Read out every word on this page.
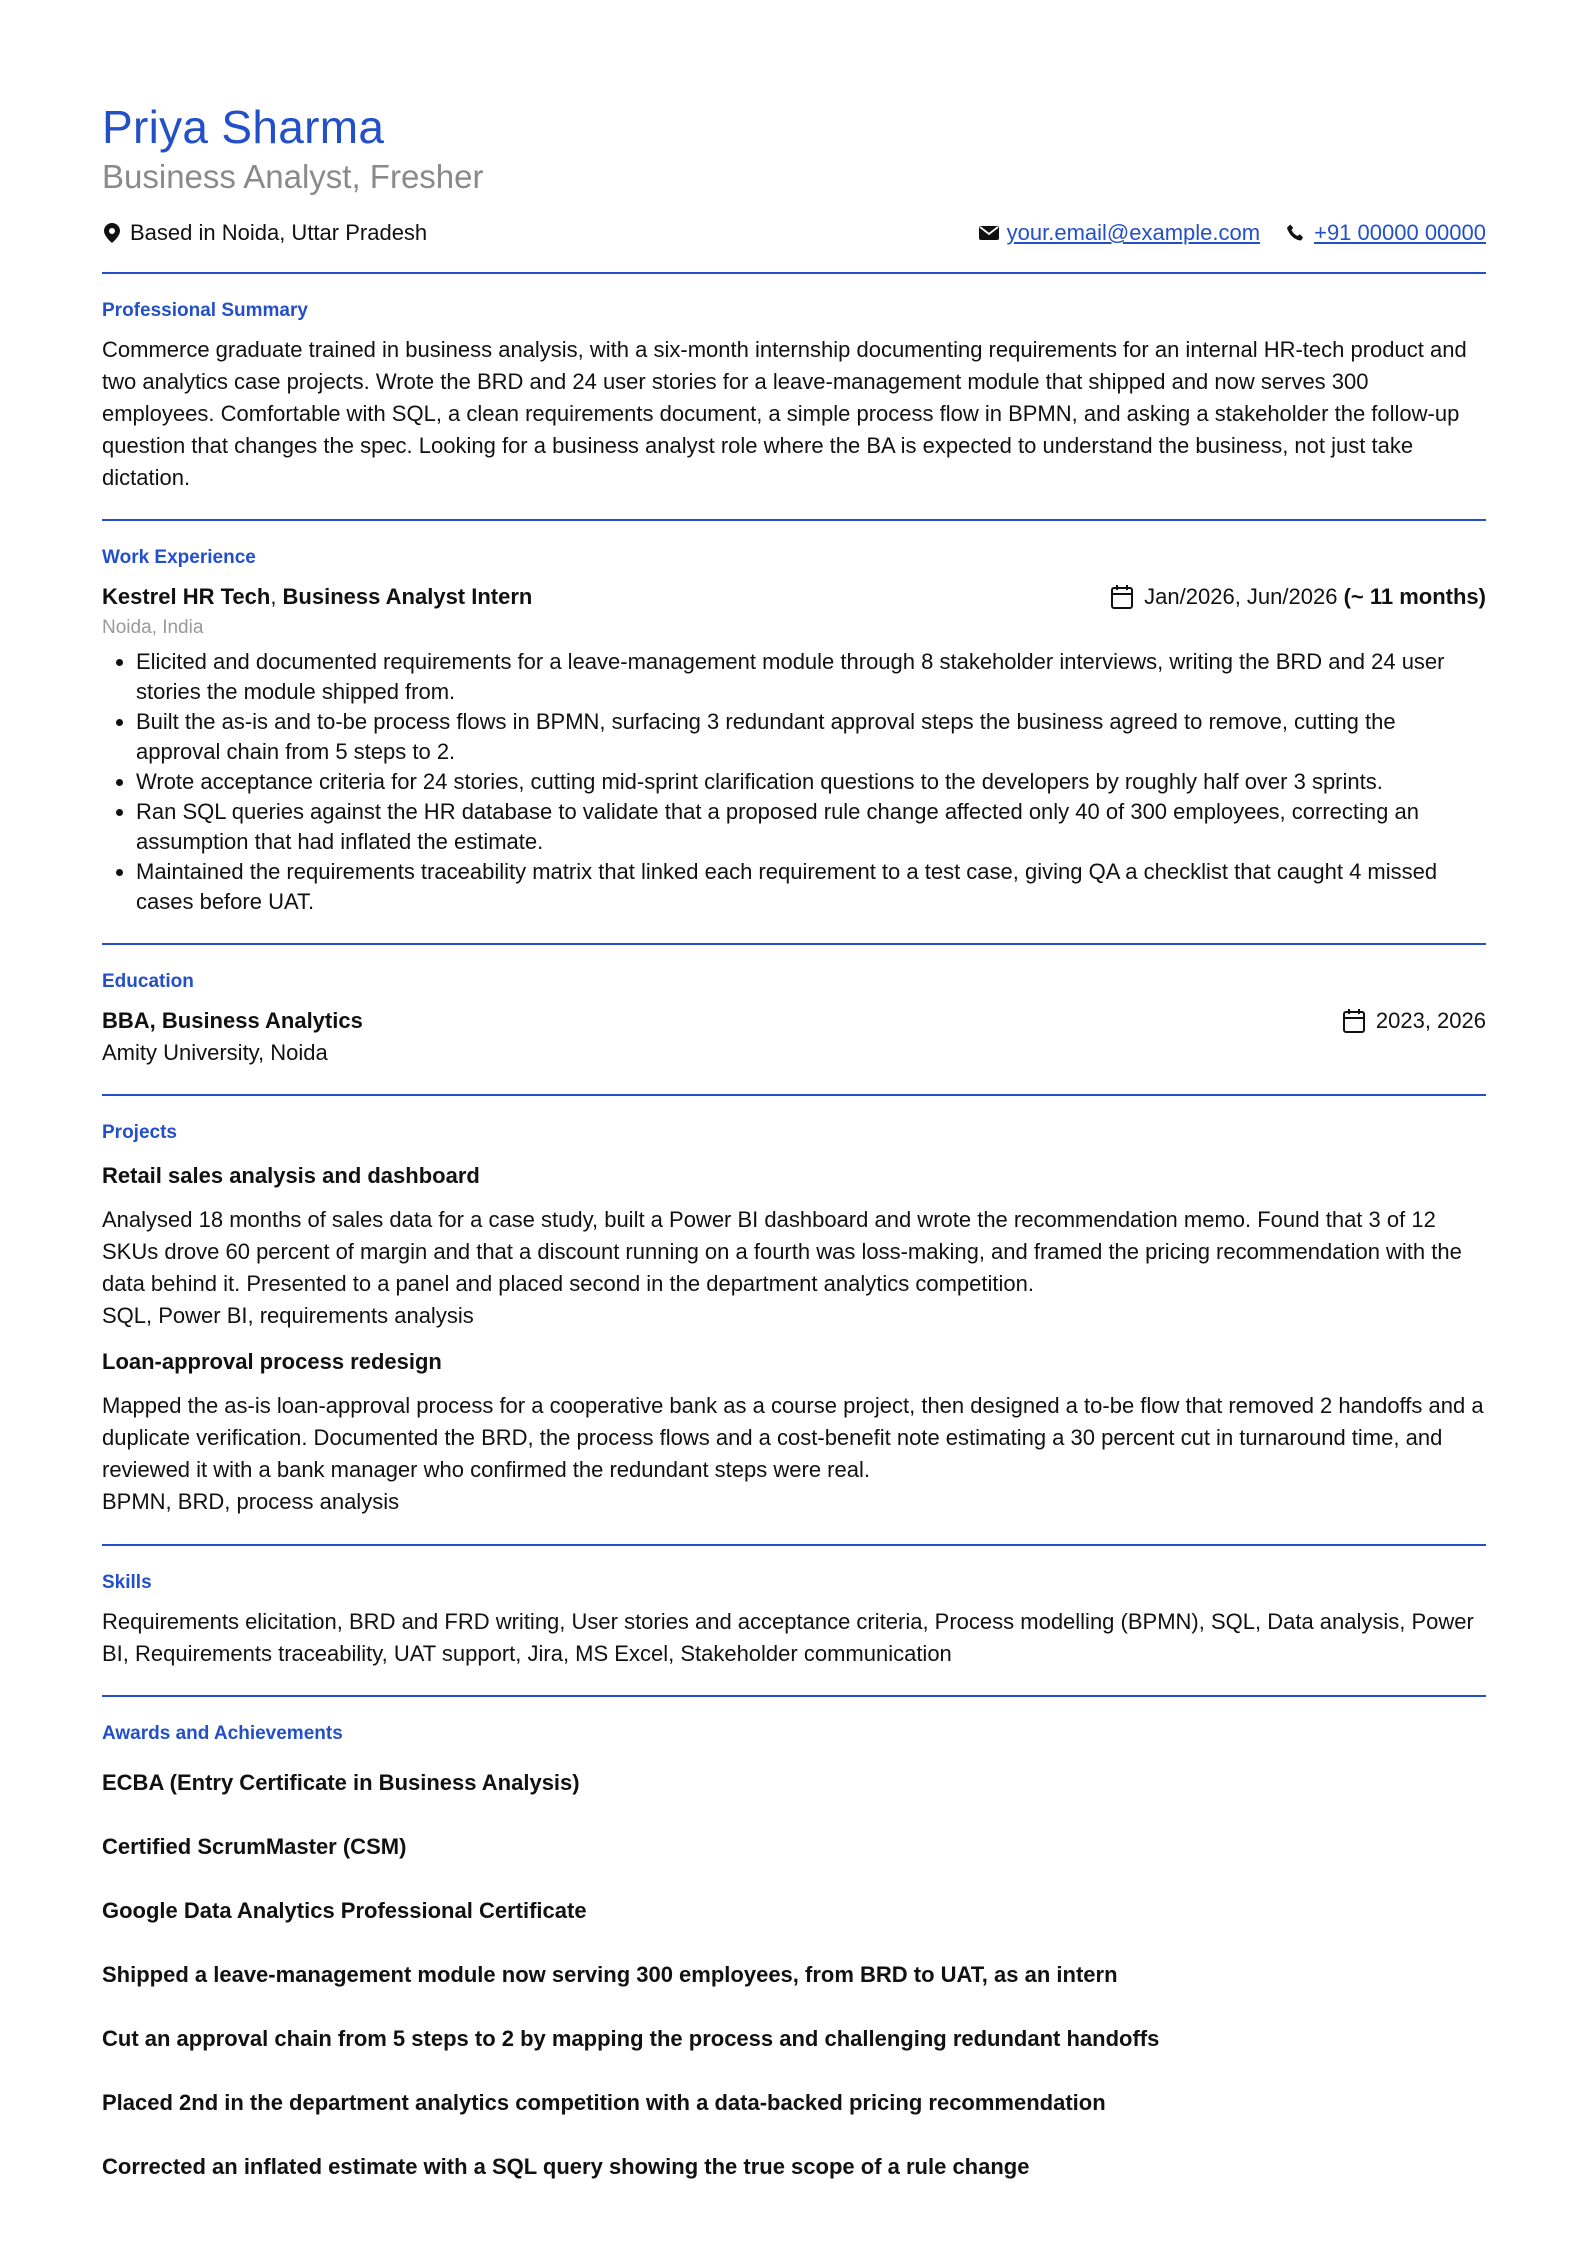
Priya Sharma
Business Analyst, Fresher
Based in Noida, Uttar Pradesh	your.email@example.com +91 00000 00000
Professional Summary
Commerce graduate trained in business analysis, with a six-month internship documenting requirements for an internal HR-tech product and two analytics case projects. Wrote the BRD and 24 user stories for a leave-management module that shipped and now serves 300 employees. Comfortable with SQL, a clean requirements document, a simple process flow in BPMN, and asking a stakeholder the follow-up question that changes the spec. Looking for a business analyst role where the BA is expected to understand the business, not just take dictation.
Work Experience
Kestrel HR Tech, Business Analyst Intern	Jan/2026, Jun/2026
(~ 11 months)
Noida, India
• Elicited and documented requirements for a leave-management module through 8 stakeholder interviews, writing the BRD and 24 user stories the module shipped from.
• Built the as-is and to-be process flows in BPMN, surfacing 3 redundant approval steps the business agreed to remove, cutting the approval chain from 5 steps to 2.
• Wrote acceptance criteria for 24 stories, cutting mid-sprint clarification questions to the developers by roughly half over 3 sprints.
• Ran SQL queries against the HR database to validate that a proposed rule change affected only 40 of 300 employees, correcting an assumption that had inflated the estimate.
• Maintained the requirements traceability matrix that linked each requirement to a test case, giving QA a checklist that caught 4 missed cases before UAT.
Education
BBA, Business Analytics	2023, 2026
Amity University, Noida
Projects
Retail sales analysis and dashboard
Analysed 18 months of sales data for a case study, built a Power BI dashboard and wrote the recommendation memo. Found that 3 of 12 SKUs drove 60 percent of margin and that a discount running on a fourth was loss-making, and framed the pricing recommendation with the data behind it. Presented to a panel and placed second in the department analytics competition.
SQL, Power BI, requirements analysis
Loan-approval process redesign
Mapped the as-is loan-approval process for a cooperative bank as a course project, then designed a to-be flow that removed 2 handoffs and a duplicate verification. Documented the BRD, the process flows and a cost-benefit note estimating a 30 percent cut in turnaround time, and reviewed it with a bank manager who confirmed the redundant steps were real.
BPMN, BRD, process analysis
Skills
Requirements elicitation, BRD and FRD writing, User stories and acceptance criteria, Process modelling (BPMN), SQL, Data analysis, Power BI, Requirements traceability, UAT support, Jira, MS Excel, Stakeholder communication
Awards and Achievements
ECBA (Entry Certificate in Business Analysis)
Certified ScrumMaster (CSM)
Google Data Analytics Professional Certificate
Shipped a leave-management module now serving 300 employees, from BRD to UAT, as an intern
Cut an approval chain from 5 steps to 2 by mapping the process and challenging redundant handoffs
Placed 2nd in the department analytics competition with a data-backed pricing recommendation
Corrected an inflated estimate with a SQL query showing the true scope of a rule change
